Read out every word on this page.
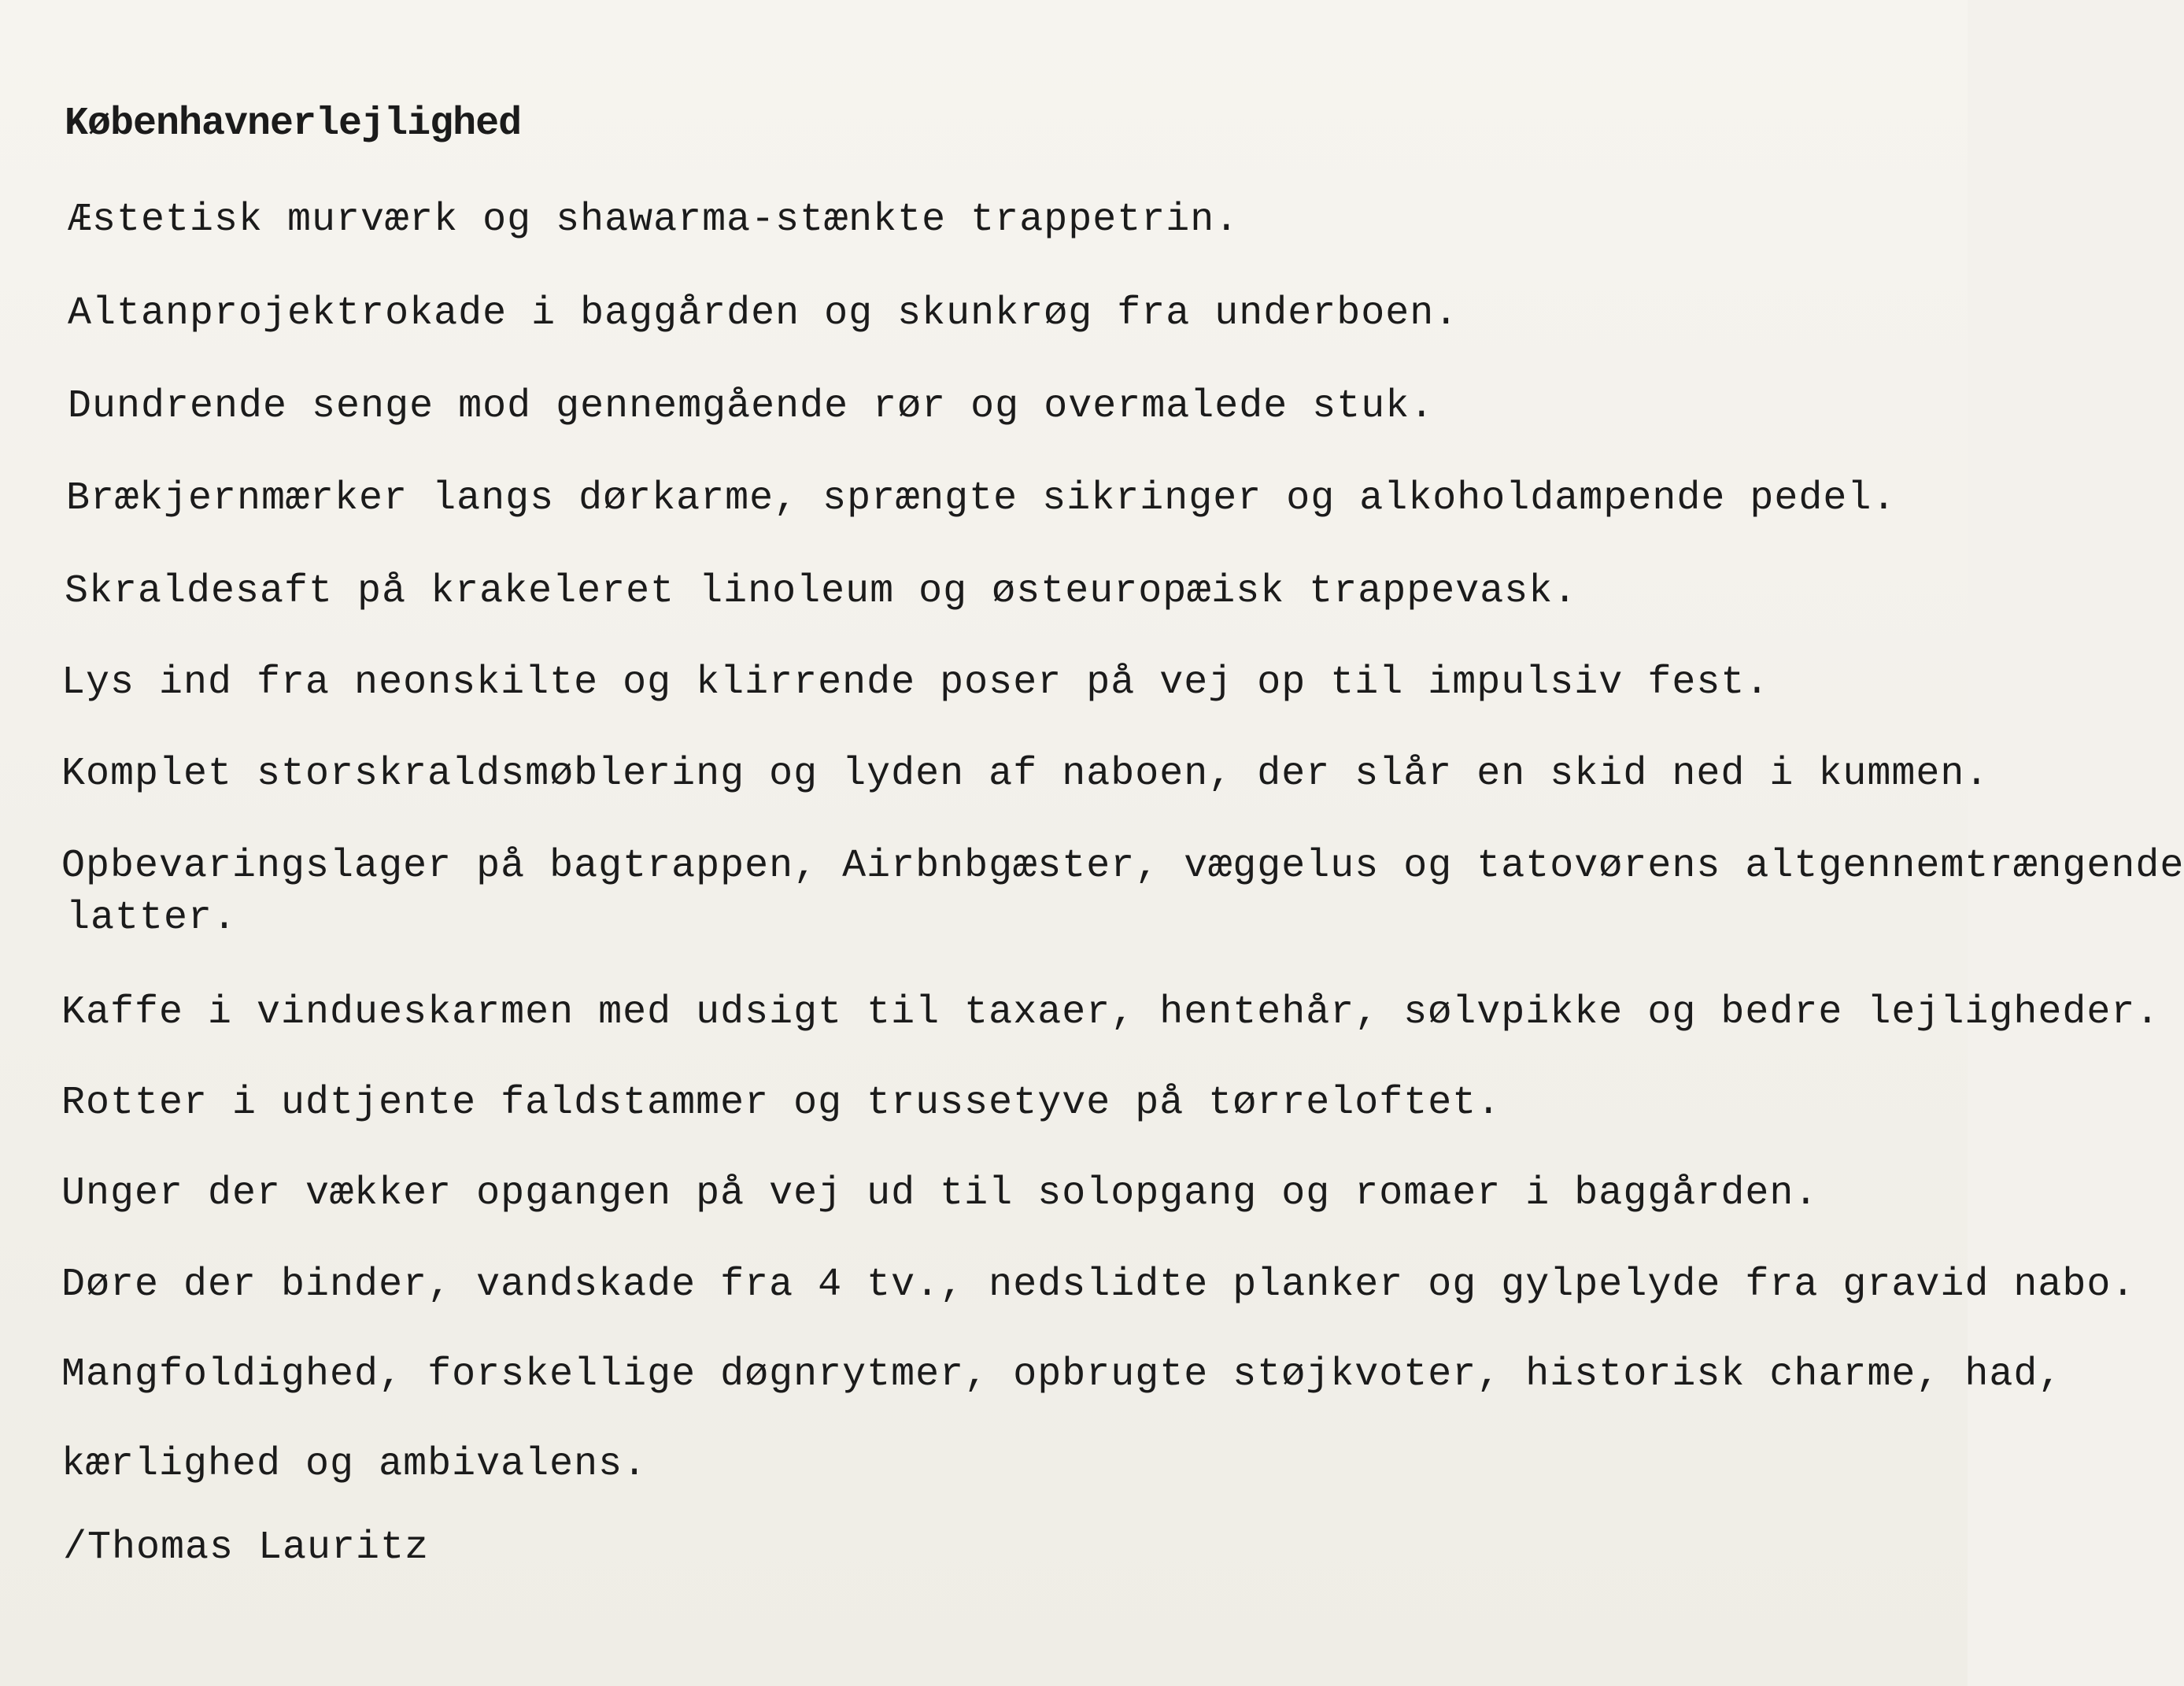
Københavnerlejlighed

Æstetisk murværk og shawarma-stænkte trappetrin.

Altanprojektrokade i baggården og skunkrøg fra underboen.

Dundrende senge mod gennemgående rør og overmalede stuk.

Brækjernmærker langs dørkarme, sprængte sikringer og alkoholdampende pedel.

Skraldesaft på krakeleret linoleum og østeuropæisk trappevask.

Lys ind fra neonskilte og klirrende poser på vej op til impulsiv fest.

Komplet storskraldsmøblering og lyden af naboen, der slår en skid ned i kummen.

Opbevaringslager på bagtrappen, Airbnbgæster, væggelus og tatovørens altgennemtrængende

latter.

Kaffe i vindueskarmen med udsigt til taxaer, hentehår, sølvpikke og bedre lejligheder.

Rotter i udtjente faldstammer og trussetyve på tørreloftet.

Unger der vækker opgangen på vej ud til solopgang og romaer i baggården.

Døre der binder, vandskade fra 4 tv., nedslidte planker og gylpelyde fra gravid nabo.

Mangfoldighed, forskellige døgnrytmer, opbrugte støjkvoter, historisk charme, had,

kærlighed og ambivalens.

/Thomas Lauritz
